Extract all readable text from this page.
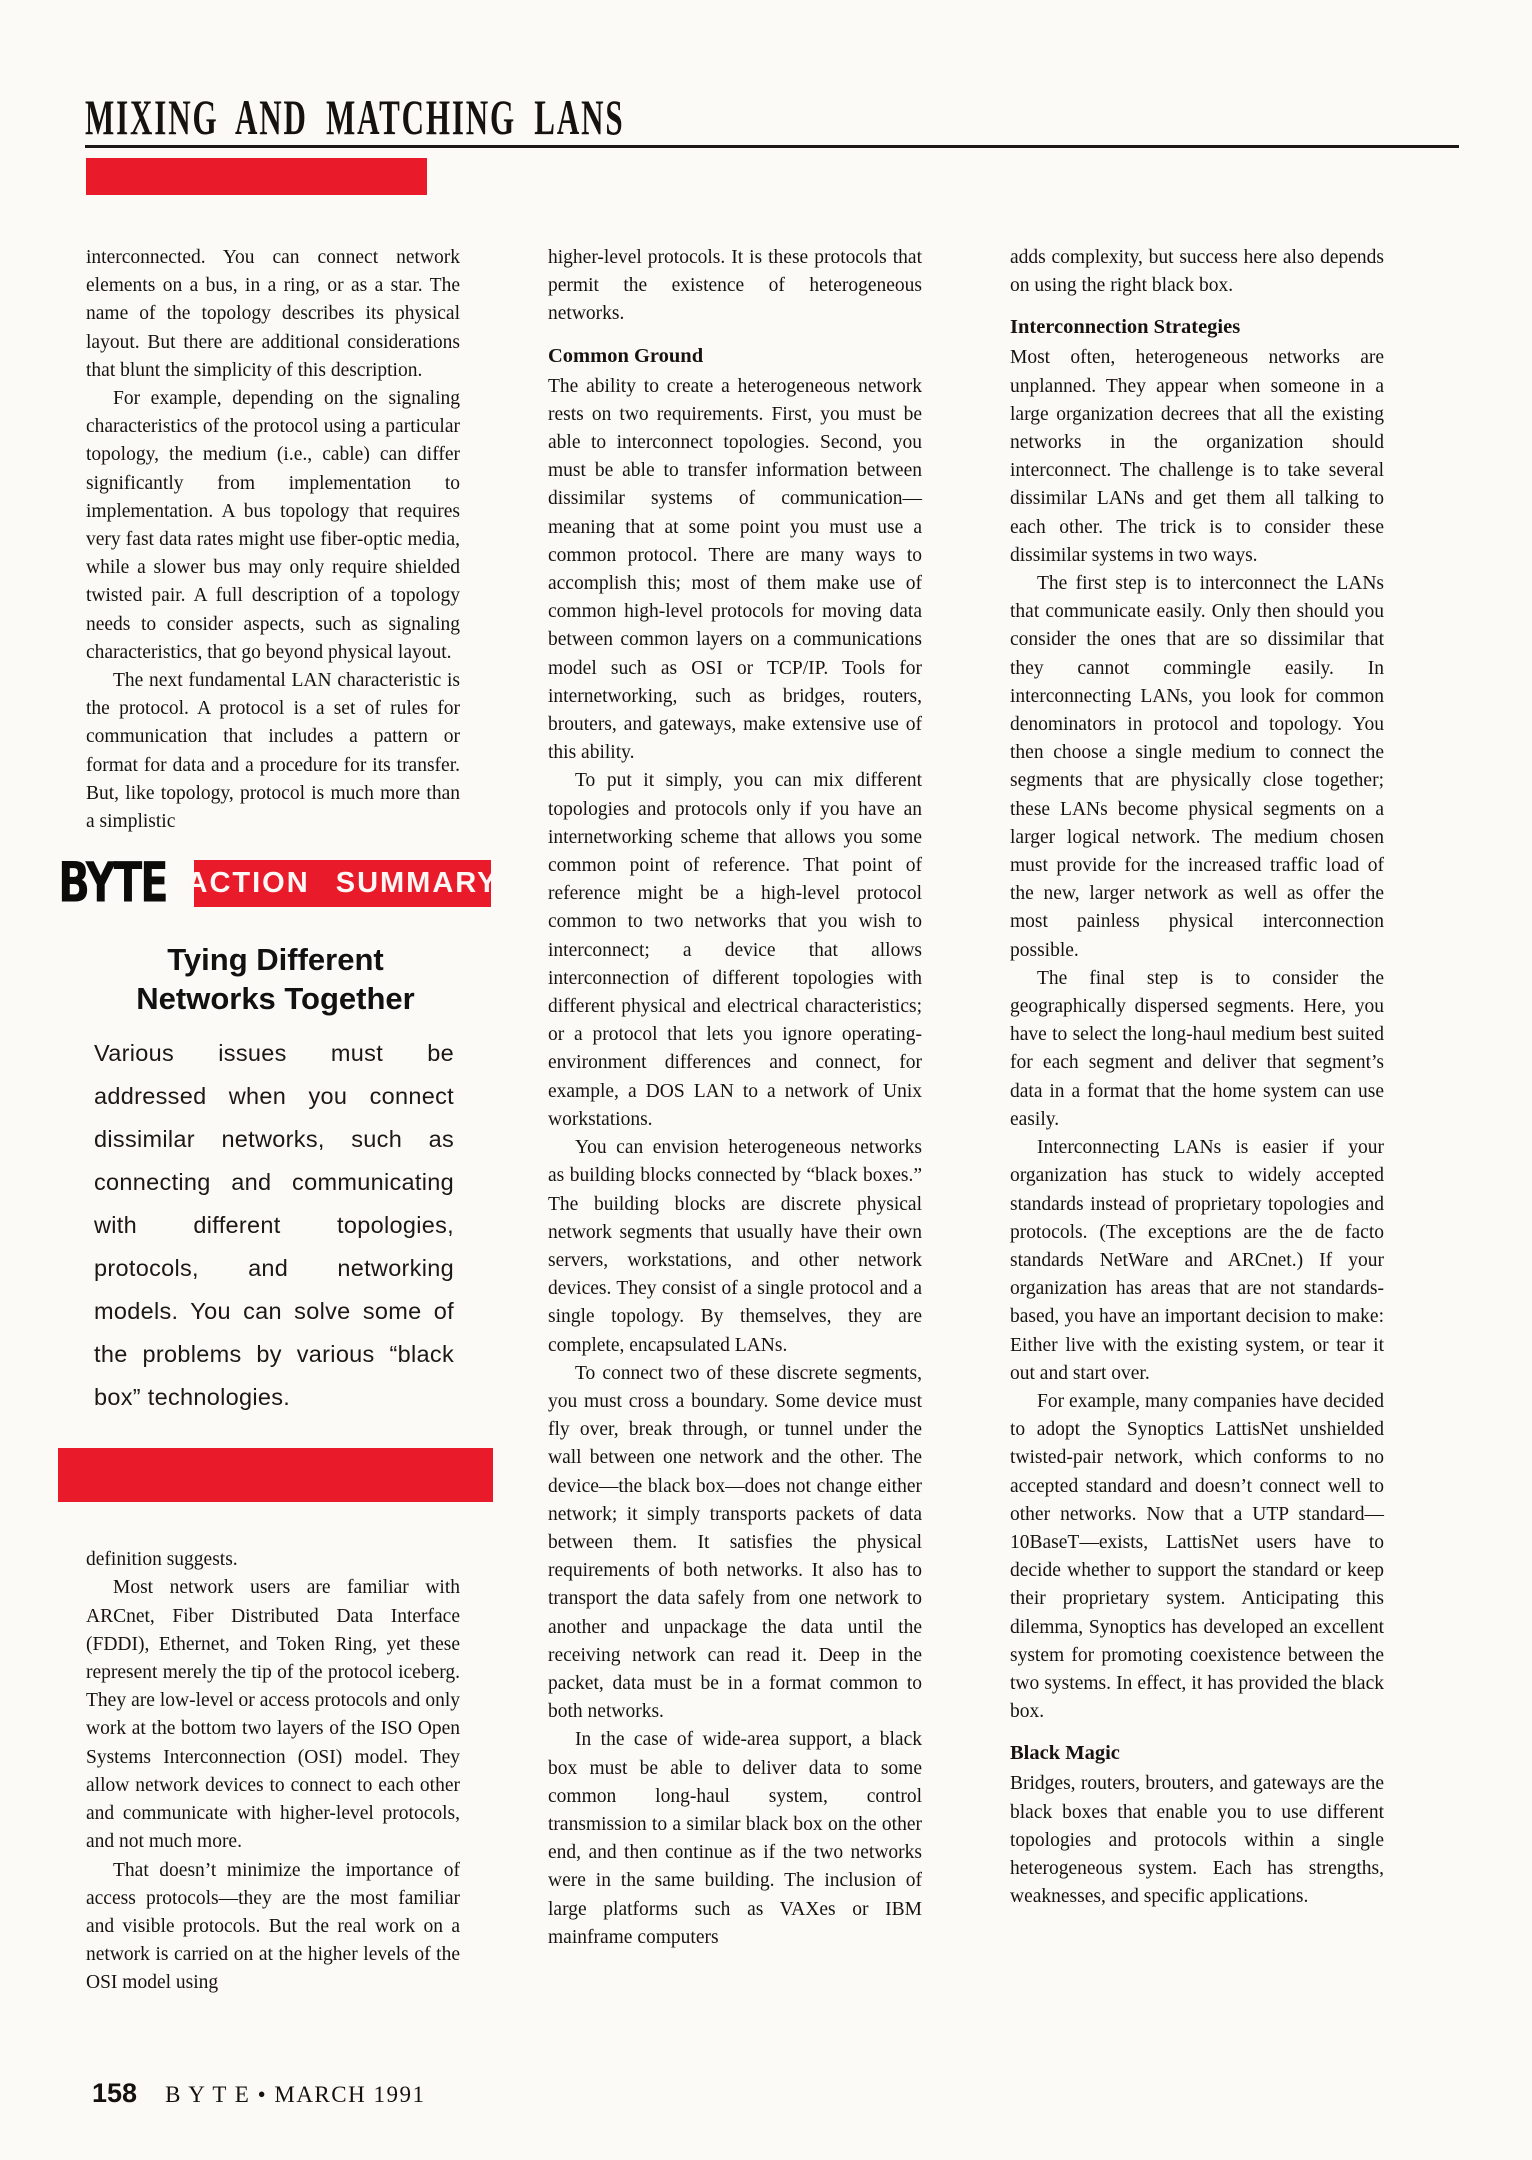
MIXING AND MATCHING LANS

interconnected. You can connect network elements on a bus, in a ring, or as a star. The name of the topology describes its physical layout. But there are additional considerations that blunt the simplicity of this description.

For example, depending on the signaling characteristics of the protocol using a particular topology, the medium (i.e., cable) can differ significantly from implementation to implementation. A bus topology that requires very fast data rates might use fiber-optic media, while a slower bus may only require shielded twisted pair. A full description of a topology needs to consider aspects, such as signaling characteristics, that go beyond physical layout.

The next fundamental LAN characteristic is the protocol. A protocol is a set of rules for communication that includes a pattern or format for data and a procedure for its transfer. But, like topology, protocol is much more than a simplistic

BYTE ACTION SUMMARY
Tying Different
Networks Together

Various issues must be addressed when you connect dissimilar networks, such as connecting and communicating with different topologies, protocols, and networking models. You can solve some of the problems by various “black box” technologies.

definition suggests.

Most network users are familiar with ARCnet, Fiber Distributed Data Interface (FDDI), Ethernet, and Token Ring, yet these represent merely the tip of the protocol iceberg. They are low-level or access protocols and only work at the bottom two layers of the ISO Open Systems Interconnection (OSI) model. They allow network devices to connect to each other and communicate with higher-level protocols, and not much more.

That doesn’t minimize the importance of access protocols—they are the most familiar and visible protocols. But the real work on a network is carried on at the higher levels of the OSI model using

higher-level protocols. It is these protocols that permit the existence of heterogeneous networks.

Common Ground

The ability to create a heterogeneous network rests on two requirements. First, you must be able to interconnect topologies. Second, you must be able to transfer information between dissimilar systems of communication—meaning that at some point you must use a common protocol. There are many ways to accomplish this; most of them make use of common high-level protocols for moving data between common layers on a communications model such as OSI or TCP/IP. Tools for internetworking, such as bridges, routers, brouters, and gateways, make extensive use of this ability.

To put it simply, you can mix different topologies and protocols only if you have an internetworking scheme that allows you some common point of reference. That point of reference might be a high-level protocol common to two networks that you wish to interconnect; a device that allows interconnection of different topologies with different physical and electrical characteristics; or a protocol that lets you ignore operating-environment differences and connect, for example, a DOS LAN to a network of Unix workstations.

You can envision heterogeneous networks as building blocks connected by “black boxes.” The building blocks are discrete physical network segments that usually have their own servers, workstations, and other network devices. They consist of a single protocol and a single topology. By themselves, they are complete, encapsulated LANs.

To connect two of these discrete segments, you must cross a boundary. Some device must fly over, break through, or tunnel under the wall between one network and the other. The device—the black box—does not change either network; it simply transports packets of data between them. It satisfies the physical requirements of both networks. It also has to transport the data safely from one network to another and unpackage the data until the receiving network can read it. Deep in the packet, data must be in a format common to both networks.

In the case of wide-area support, a black box must be able to deliver data to some common long-haul system, control transmission to a similar black box on the other end, and then continue as if the two networks were in the same building. The inclusion of large platforms such as VAXes or IBM mainframe computers

adds complexity, but success here also depends on using the right black box.

Interconnection Strategies

Most often, heterogeneous networks are unplanned. They appear when someone in a large organization decrees that all the existing networks in the organization should interconnect. The challenge is to take several dissimilar LANs and get them all talking to each other. The trick is to consider these dissimilar systems in two ways.

The first step is to interconnect the LANs that communicate easily. Only then should you consider the ones that are so dissimilar that they cannot commingle easily. In interconnecting LANs, you look for common denominators in protocol and topology. You then choose a single medium to connect the segments that are physically close together; these LANs become physical segments on a larger logical network. The medium chosen must provide for the increased traffic load of the new, larger network as well as offer the most painless physical interconnection possible.

The final step is to consider the geographically dispersed segments. Here, you have to select the long-haul medium best suited for each segment and deliver that segment’s data in a format that the home system can use easily.

Interconnecting LANs is easier if your organization has stuck to widely accepted standards instead of proprietary topologies and protocols. (The exceptions are the de facto standards NetWare and ARCnet.) If your organization has areas that are not standards-based, you have an important decision to make: Either live with the existing system, or tear it out and start over.

For example, many companies have decided to adopt the Synoptics LattisNet unshielded twisted-pair network, which conforms to no accepted standard and doesn’t connect well to other networks. Now that a UTP standard—10BaseT—exists, LattisNet users have to decide whether to support the standard or keep their proprietary system. Anticipating this dilemma, Synoptics has developed an excellent system for promoting coexistence between the two systems. In effect, it has provided the black box.

Black Magic

Bridges, routers, brouters, and gateways are the black boxes that enable you to use different topologies and protocols within a single heterogeneous system. Each has strengths, weaknesses, and specific applications.

158 B Y T E • MARCH 1991
